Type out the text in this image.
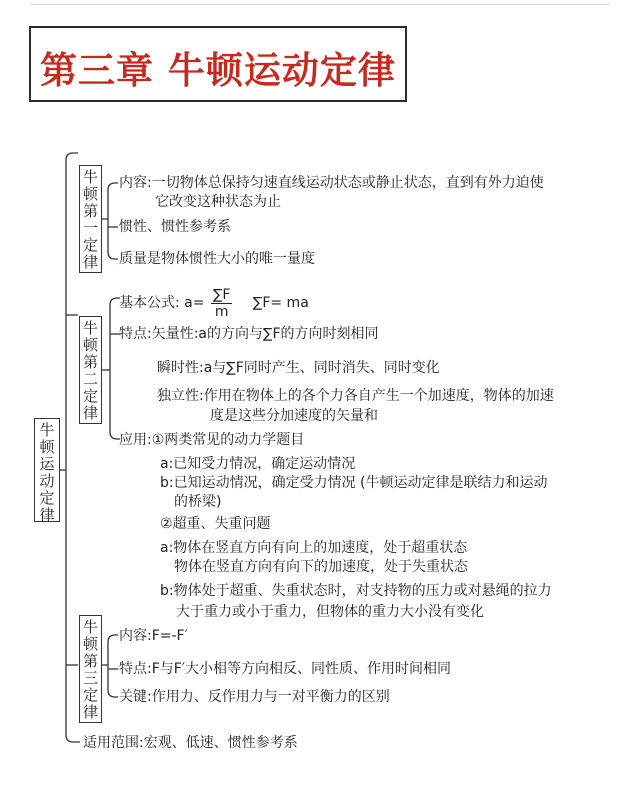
第三章 牛顿运动定律
牛
顿
运
动
定
律
牛
顿
第
一
定
律
牛
顿
第
二
定
律
牛
顿
第
三
定
律
内容:一切物体总保持匀速直线运动状态或静止状态，直到有外力迫使
它改变这种状态为止
惯性、惯性参考系
质量是物体惯性大小的唯一量度
基本公式: $a= \frac{\sum F}{m} \sum F=$ ma
特点:矢量性:a的方向与∑F的方向时刻相同
瞬时性:a与∑F同时产生、同时消失、同时变化
独立性:作用在物体上的各个力各自产生一个加速度，物体的加速
度是这些分加速度的矢量和
应用:①两类常见的动力学题目
a:已知受力情况，确定运动情况
b:已知运动情况，确定受力情况 (牛顿运动定律是联结力和运动
的桥梁)
②超重、失重问题
a:物体在竖直方向有向上的加速度，处于超重状态
物体在竖直方向有向下的加速度，处于失重状态
b:物体处于超重、失重状态时，对支持物的压力或对悬绳的拉力
大于重力或小于重力，但物体的重力大小没有变化
内容:F=-F′
特点:F与F′大小相等方向相反、同性质、作用时间相同
关键:作用力、反作用力与一对平衡力的区别
适用范围:宏观、低速、惯性参考系
